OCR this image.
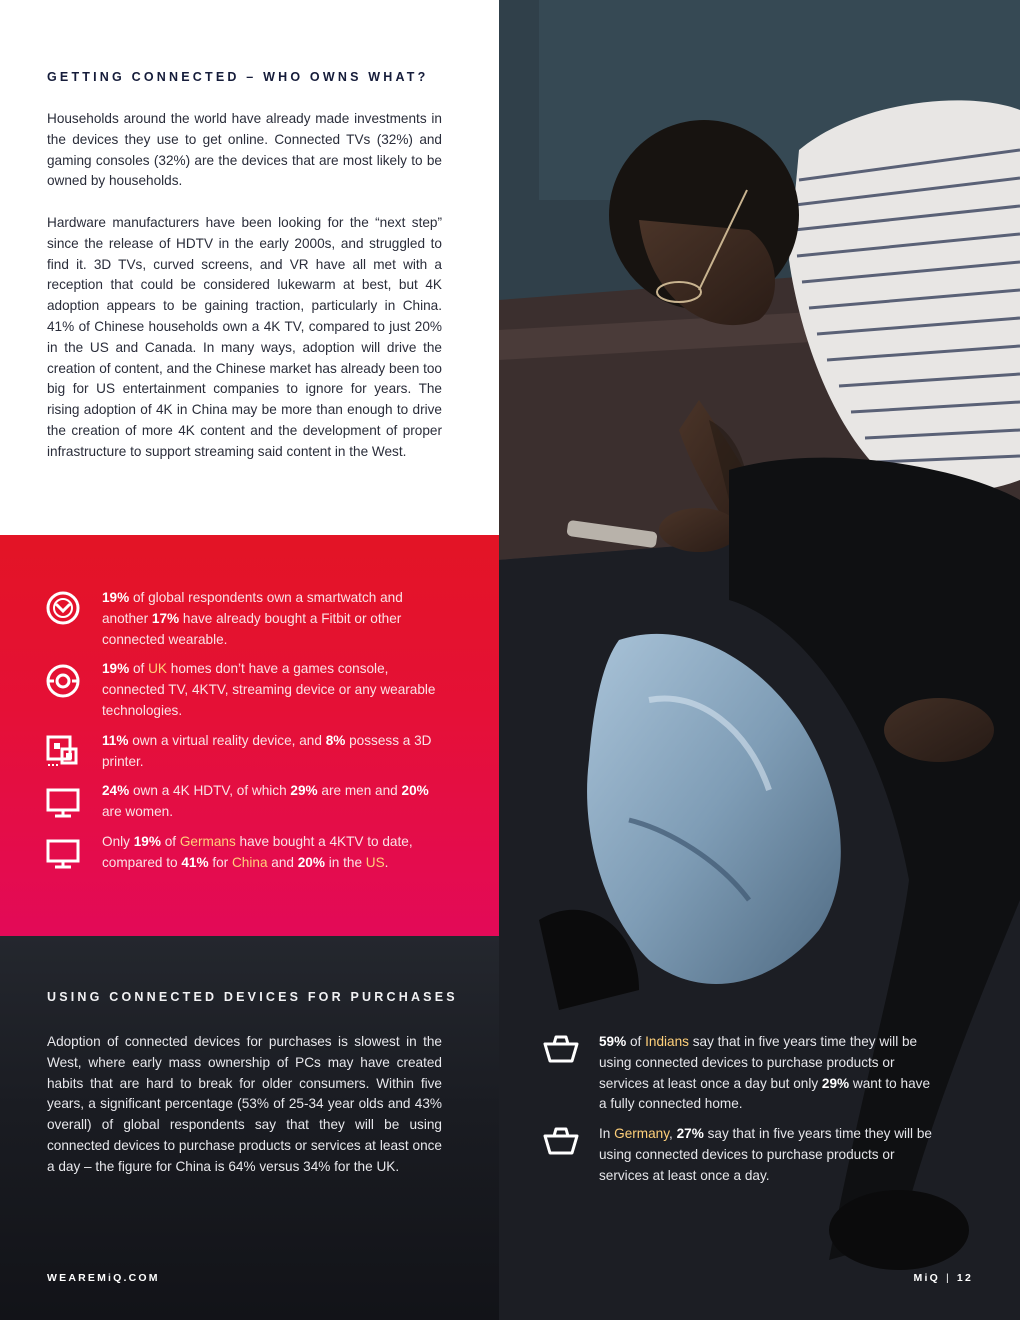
GETTING CONNECTED – WHO OWNS WHAT?

Households around the world have already made investments in the devices they use to get online. Connected TVs (32%) and gaming consoles (32%) are the devices that are most likely to be owned by households.

Hardware manufacturers have been looking for the “next step” since the release of HDTV in the early 2000s, and struggled to find it. 3D TVs, curved screens, and VR have all met with a reception that could be considered lukewarm at best, but 4K adoption appears to be gaining traction, particularly in China. 41% of Chinese households own a 4K TV, compared to just 20% in the US and Canada. In many ways, adoption will drive the creation of content, and the Chinese market has already been too big for US entertainment companies to ignore for years. The rising adoption of 4K in China may be more than enough to drive the creation of more 4K content and the development of proper infrastructure to support streaming said content in the West.

19% of global respondents own a smartwatch and another 17% have already bought a Fitbit or other connected wearable.
19% of UK homes don’t have a games console, connected TV, 4KTV, streaming device or any wearable technologies.
11% own a virtual reality device, and 8% possess a 3D printer.
24% own a 4K HDTV, of which 29% are men and 20% are women.
Only 19% of Germans have bought a 4KTV to date, compared to 41% for China and 20% in the US.
USING CONNECTED DEVICES FOR PURCHASES

Adoption of connected devices for purchases is slowest in the West, where early mass ownership of PCs may have created habits that are hard to break for older consumers. Within five years, a significant percentage (53% of 25-34 year olds and 43% overall) of global respondents say that they will be using connected devices to purchase products or services at least once a day – the figure for China is 64% versus 34% for the UK.

59% of Indians say that in five years time they will be using connected devices to purchase products or services at least once a day but only 29% want to have a fully connected home.
In Germany, 27% say that in five years time they will be using connected devices to purchase products or services at least once a day.
WEAREMiQ.COM	MiQ | 12
